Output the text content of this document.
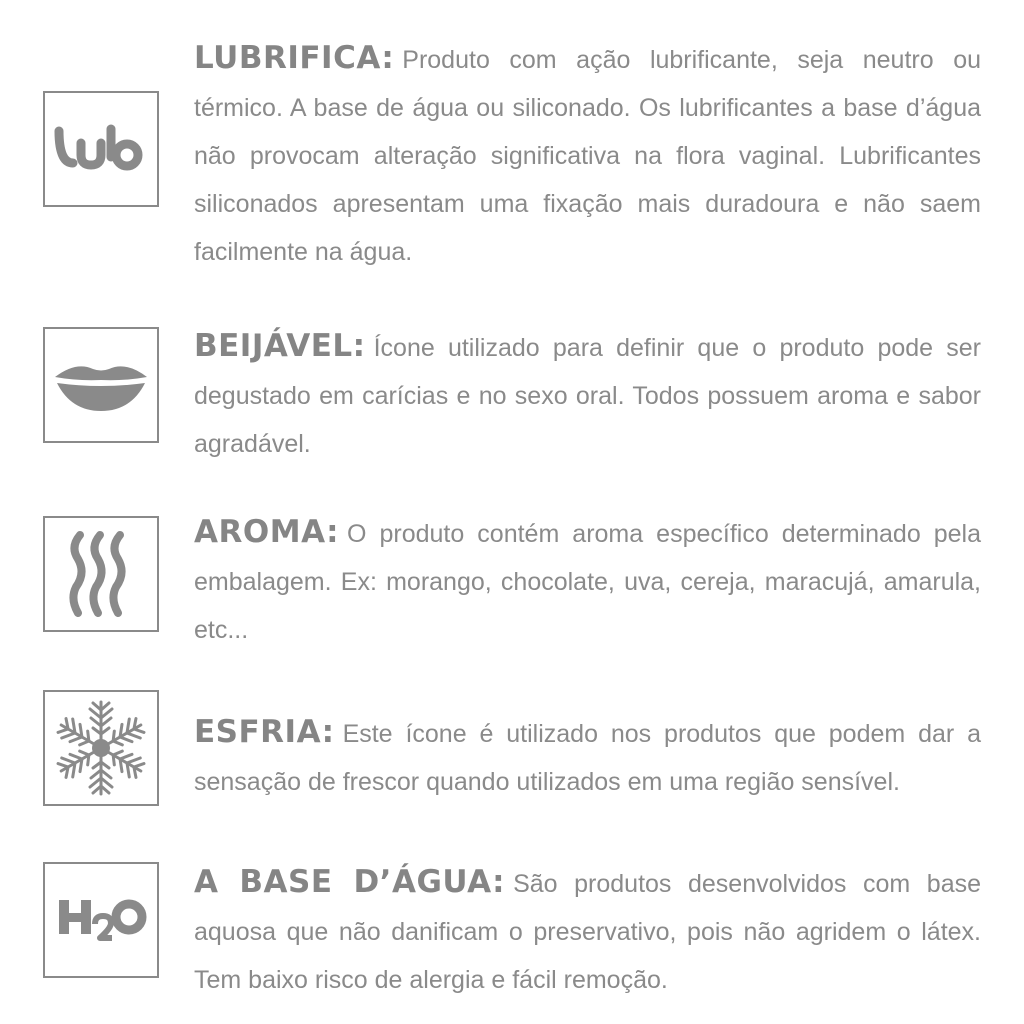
LUBRIFICA: Produto com ação lubrificante, seja neutro ou térmico. A base de água ou siliconado. Os lubrificantes a base d’água não provocam alteração significativa na flora vaginal. Lubrificantes siliconados apresentam uma fixação mais duradoura e não saem facilmente na água.
BEIJÁVEL: Ícone utilizado para definir que o produto pode ser degustado em carícias e no sexo oral. Todos possuem aroma e sabor agradável.
AROMA: O produto contém aroma específico determinado pela embalagem. Ex: morango, chocolate, uva, cereja, maracujá, amarula, etc...
ESFRIA: Este ícone é utilizado nos produtos que podem dar a sensação de frescor quando utilizados em uma região sensível.
A BASE D’ÁGUA: São produtos desenvolvidos com base aquosa que não danificam o preservativo, pois não agridem o látex. Tem baixo risco de alergia e fácil remoção.
